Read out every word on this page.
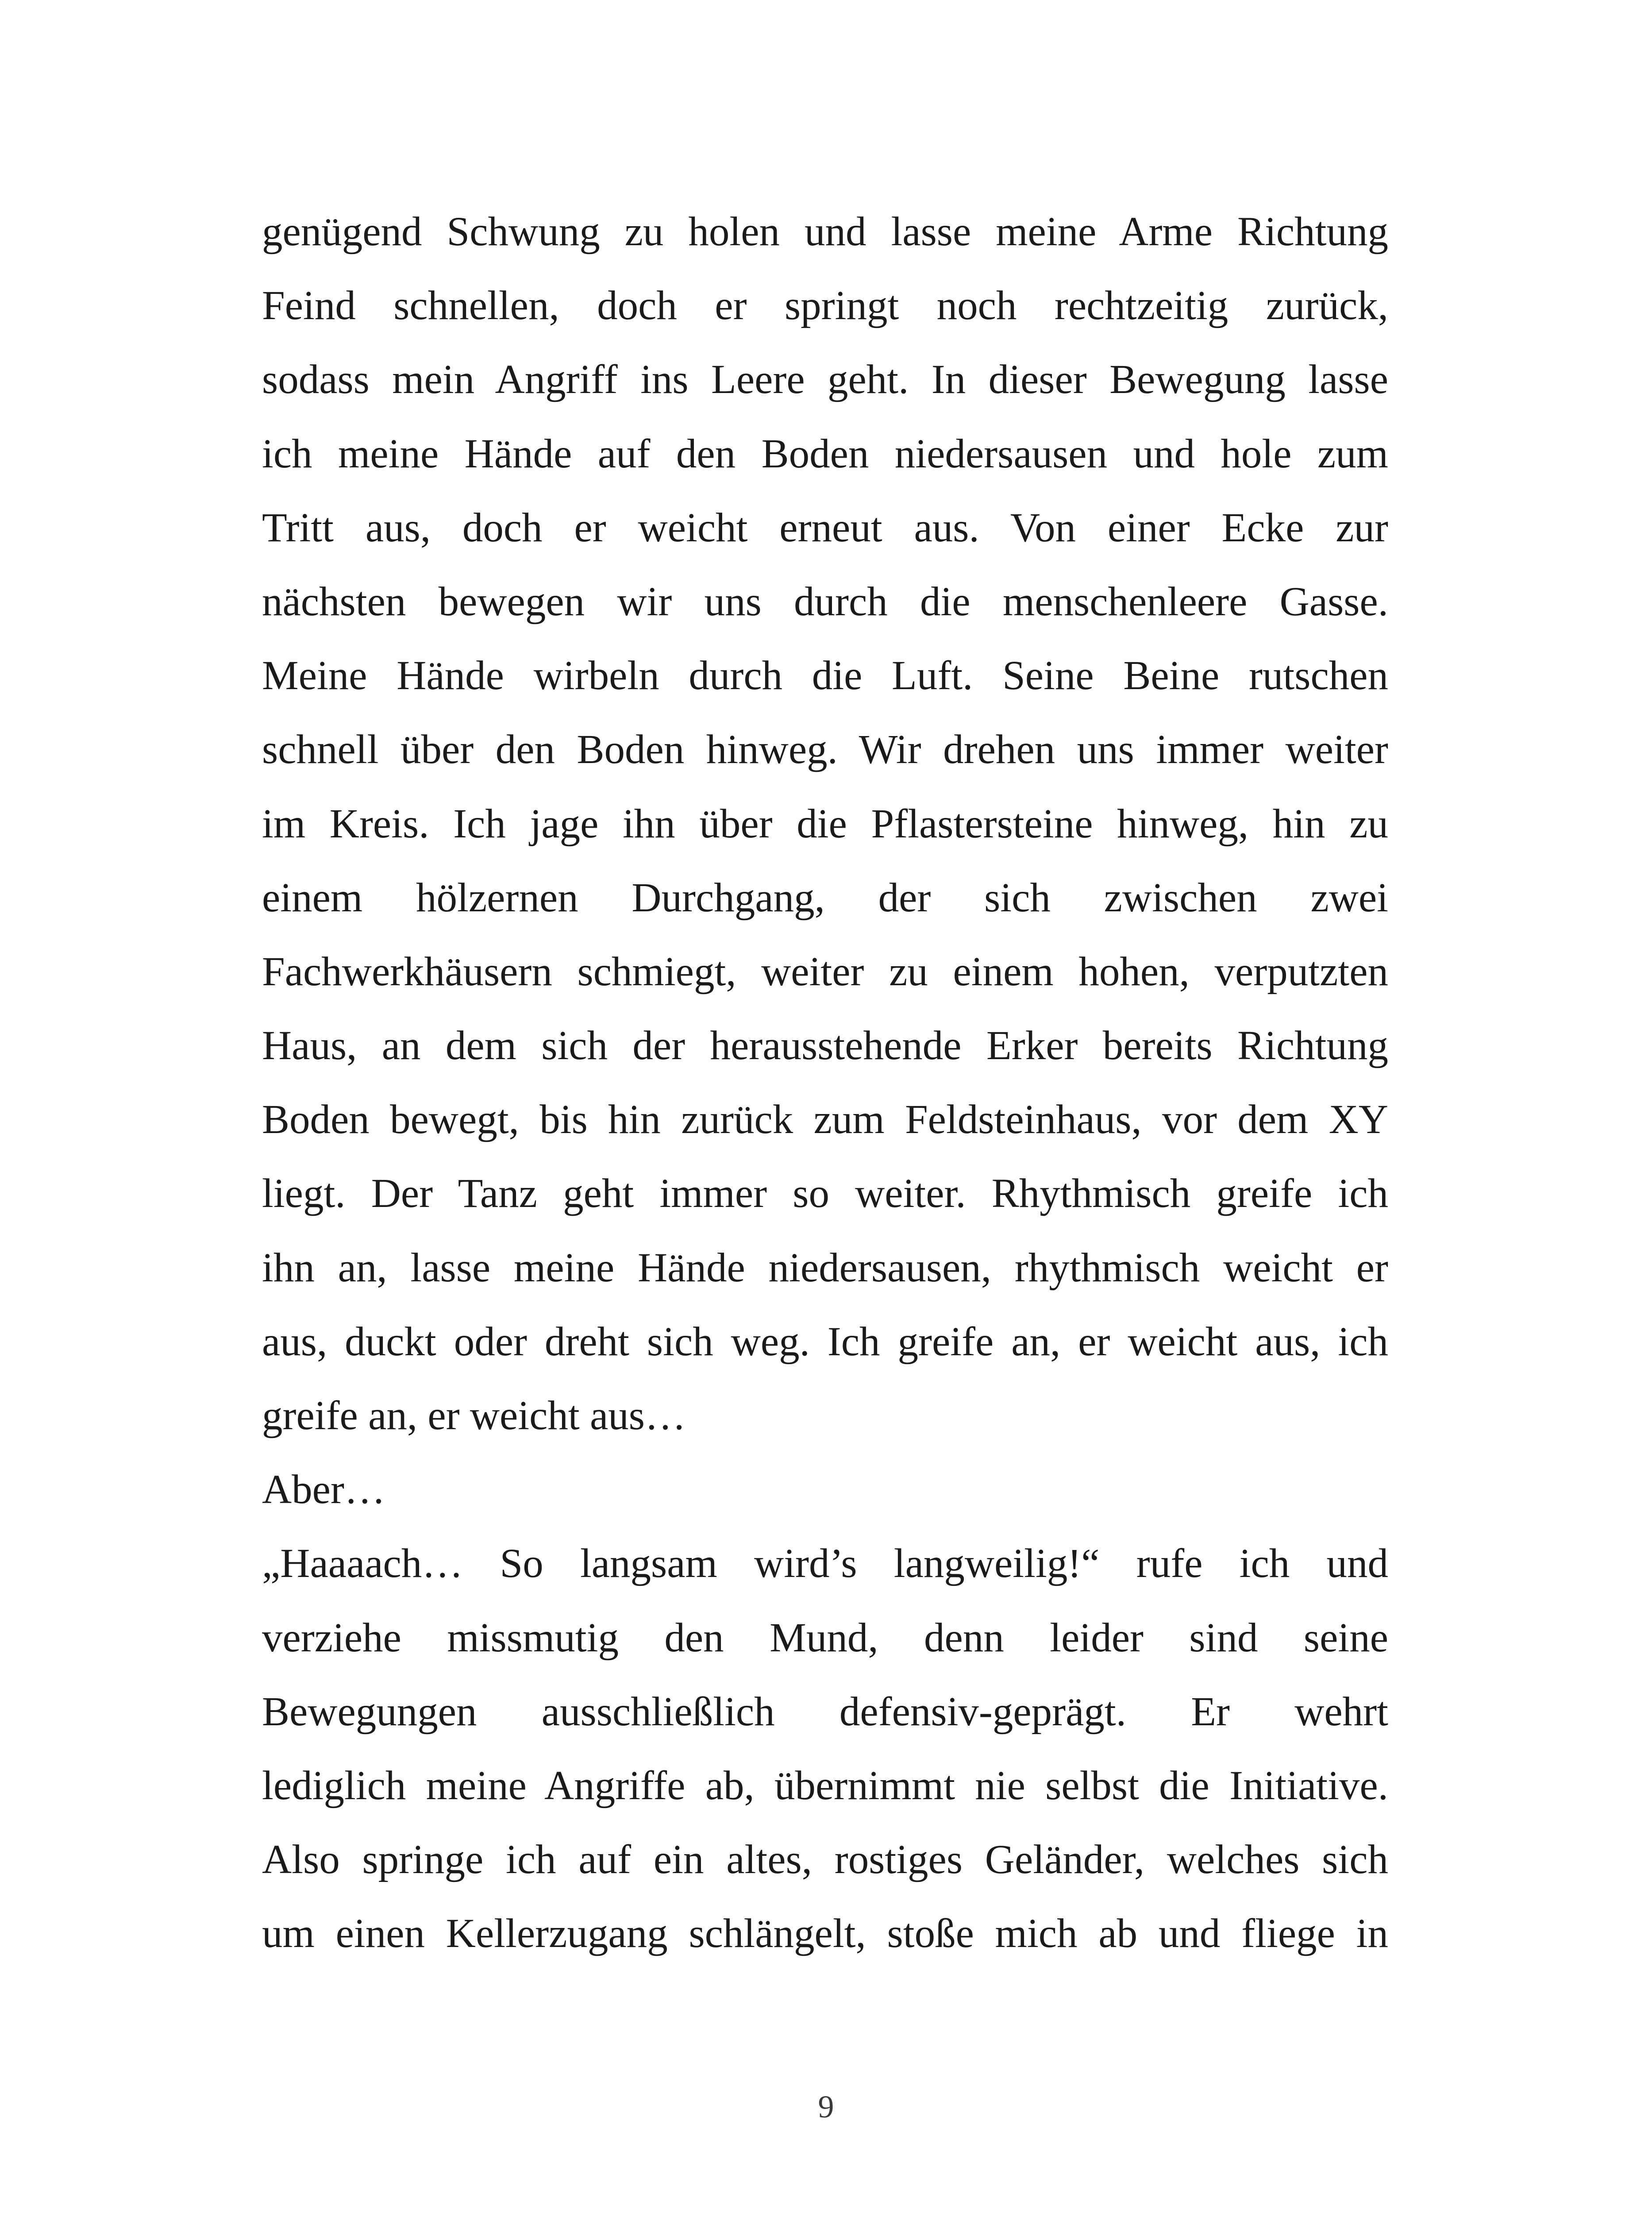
genügend Schwung zu holen und lasse meine Arme Richtung
Feind schnellen, doch er springt noch rechtzeitig zurück,
sodass mein Angriff ins Leere geht. In dieser Bewegung lasse
ich meine Hände auf den Boden niedersausen und hole zum
Tritt aus, doch er weicht erneut aus. Von einer Ecke zur
nächsten bewegen wir uns durch die menschenleere Gasse.
Meine Hände wirbeln durch die Luft. Seine Beine rutschen
schnell über den Boden hinweg. Wir drehen uns immer weiter
im Kreis. Ich jage ihn über die Pflastersteine hinweg, hin zu
einem hölzernen Durchgang, der sich zwischen zwei
Fachwerkhäusern schmiegt, weiter zu einem hohen, verputzten
Haus, an dem sich der herausstehende Erker bereits Richtung
Boden bewegt, bis hin zurück zum Feldsteinhaus, vor dem XY
liegt. Der Tanz geht immer so weiter. Rhythmisch greife ich
ihn an, lasse meine Hände niedersausen, rhythmisch weicht er
aus, duckt oder dreht sich weg. Ich greife an, er weicht aus, ich
greife an, er weicht aus…
Aber…
„Haaaach… So langsam wird’s langweilig!“ rufe ich und
verziehe missmutig den Mund, denn leider sind seine
Bewegungen ausschließlich defensiv-geprägt. Er wehrt
lediglich meine Angriffe ab, übernimmt nie selbst die Initiative.
Also springe ich auf ein altes, rostiges Geländer, welches sich
um einen Kellerzugang schlängelt, stoße mich ab und fliege in
9
